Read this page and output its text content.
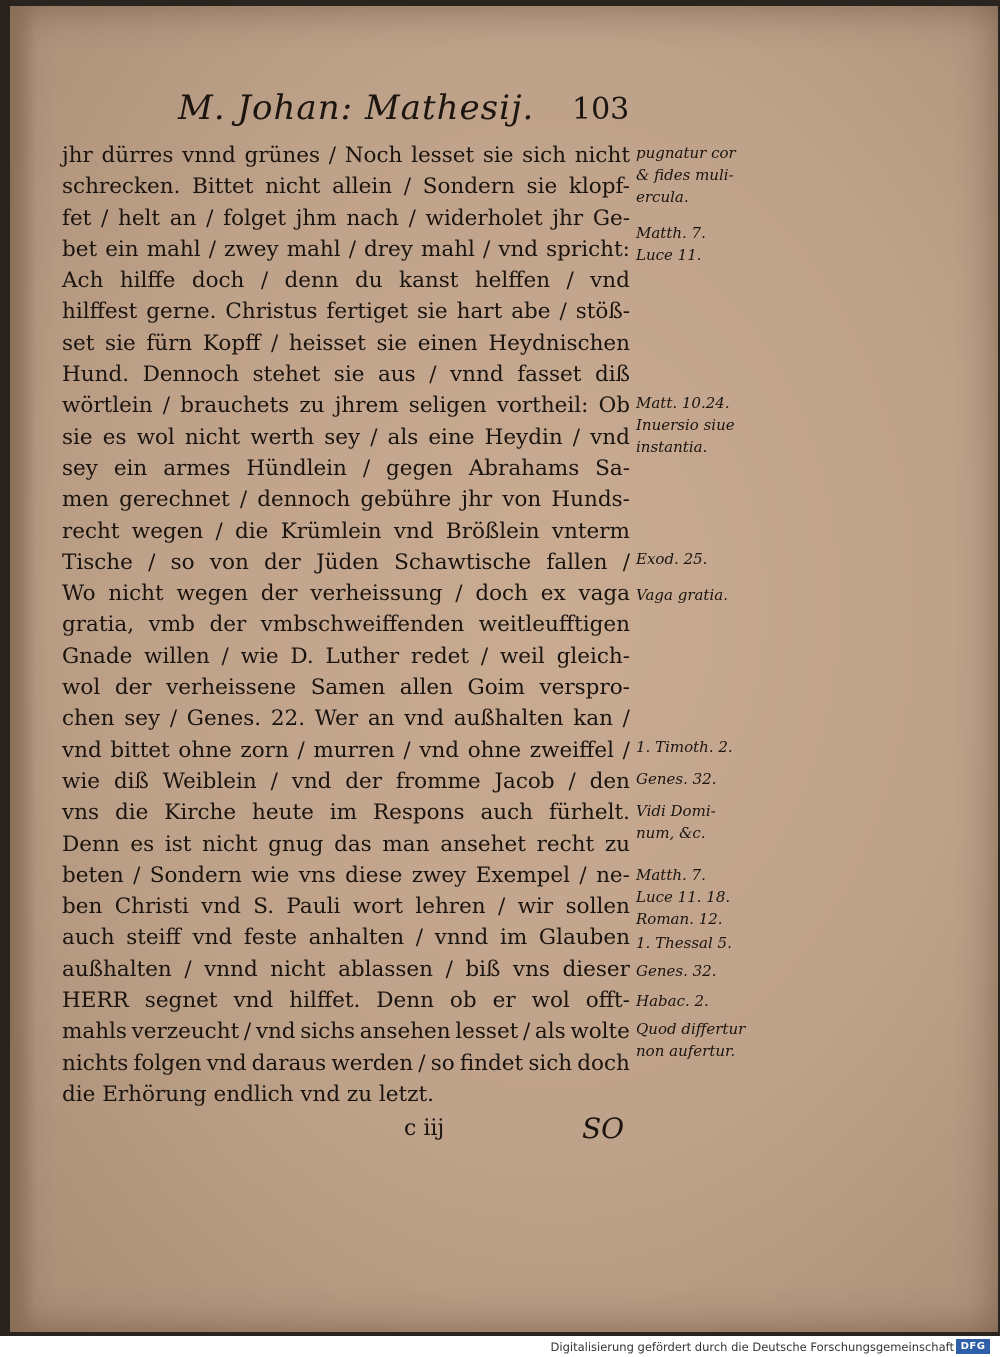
M. Johan: Mathesij. 103
jhr dürres vnnd grünes / Noch lesset sie sich nicht
schrecken. Bittet nicht allein / Sondern sie klopf-
fet / helt an / folget jhm nach / widerholet jhr Ge-
bet ein mahl / zwey mahl / drey mahl / vnd spricht:
Ach hilffe doch / denn du kanst helffen / vnd
hilffest gerne. Christus fertiget sie hart abe / stöß-
set sie fürn Kopff / heisset sie einen Heydnischen
Hund. Dennoch stehet sie aus / vnnd fasset diß
wörtlein / brauchets zu jhrem seligen vortheil: Ob
sie es wol nicht werth sey / als eine Heydin / vnd
sey ein armes Hündlein / gegen Abrahams Sa-
men gerechnet / dennoch gebühre jhr von Hunds-
recht wegen / die Krümlein vnd Brößlein vnterm
Tische / so von der Jüden Schawtische fallen /
Wo nicht wegen der verheissung / doch ex vaga
gratia, vmb der vmbschweiffenden weitleufftigen
Gnade willen / wie D. Luther redet / weil gleich-
wol der verheissene Samen allen Goim verspro-
chen sey / Genes. 22. Wer an vnd außhalten kan /
vnd bittet ohne zorn / murren / vnd ohne zweiffel /
wie diß Weiblein / vnd der fromme Jacob / den
vns die Kirche heute im Respons auch fürhelt.
Denn es ist nicht gnug das man ansehet recht zu
beten / Sondern wie vns diese zwey Exempel / ne-
ben Christi vnd S. Pauli wort lehren / wir sollen
auch steiff vnd feste anhalten / vnnd im Glauben
außhalten / vnnd nicht ablassen / biß vns dieser
HERR segnet vnd hilffet. Denn ob er wol offt-
mahls verzeucht / vnd sichs ansehen lesset / als wolte
nichts folgen vnd daraus werden / so findet sich doch
die Erhörung endlich vnd zu letzt.
pugnatur cor
& fides muli-
ercula.
Matth. 7.
Luce 11.
Matt. 10.24.
Inuersio siue
instantia.
Exod. 25.
Vaga gratia.
1. Timoth. 2.
Genes. 32.
Vidi Domi-
num, &c.
Matth. 7.
Luce 11. 18.
Roman. 12.
1. Thessal 5.
Genes. 32.
Habac. 2.
Quod differtur
non aufertur.
c iij	SO
Digitalisierung gefördert durch die Deutsche Forschungsgemeinschaft DFG
